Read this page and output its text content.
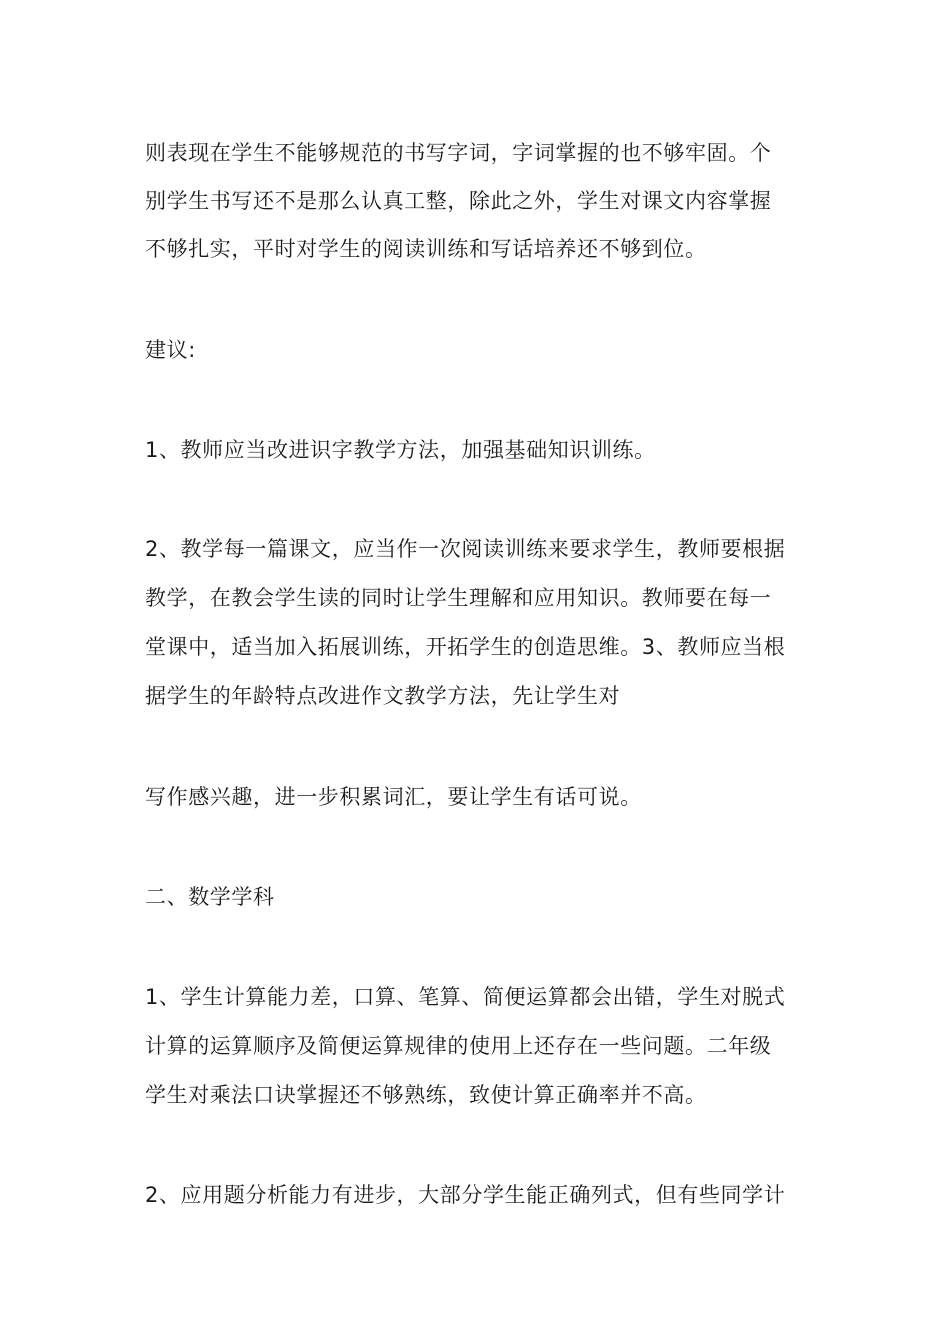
则表现在学生不能够规范的书写字词，字词掌握的也不够牢固。个
别学生书写还不是那么认真工整，除此之外，学生对课文内容掌握
不够扎实，平时对学生的阅读训练和写话培养还不够到位。
建议:
1、教师应当改进识字教学方法，加强基础知识训练。
2、教学每一篇课文，应当作一次阅读训练来要求学生，教师要根据
教学，在教会学生读的同时让学生理解和应用知识。教师要在每一
堂课中，适当加入拓展训练，开拓学生的创造思维。3、教师应当根
据学生的年龄特点改进作文教学方法，先让学生对
写作感兴趣，进一步积累词汇，要让学生有话可说。
二、数学学科
1、学生计算能力差，口算、笔算、简便运算都会出错，学生对脱式
计算的运算顺序及简便运算规律的使用上还存在一些问题。二年级
学生对乘法口诀掌握还不够熟练，致使计算正确率并不高。
2、应用题分析能力有进步，大部分学生能正确列式，但有些同学计
